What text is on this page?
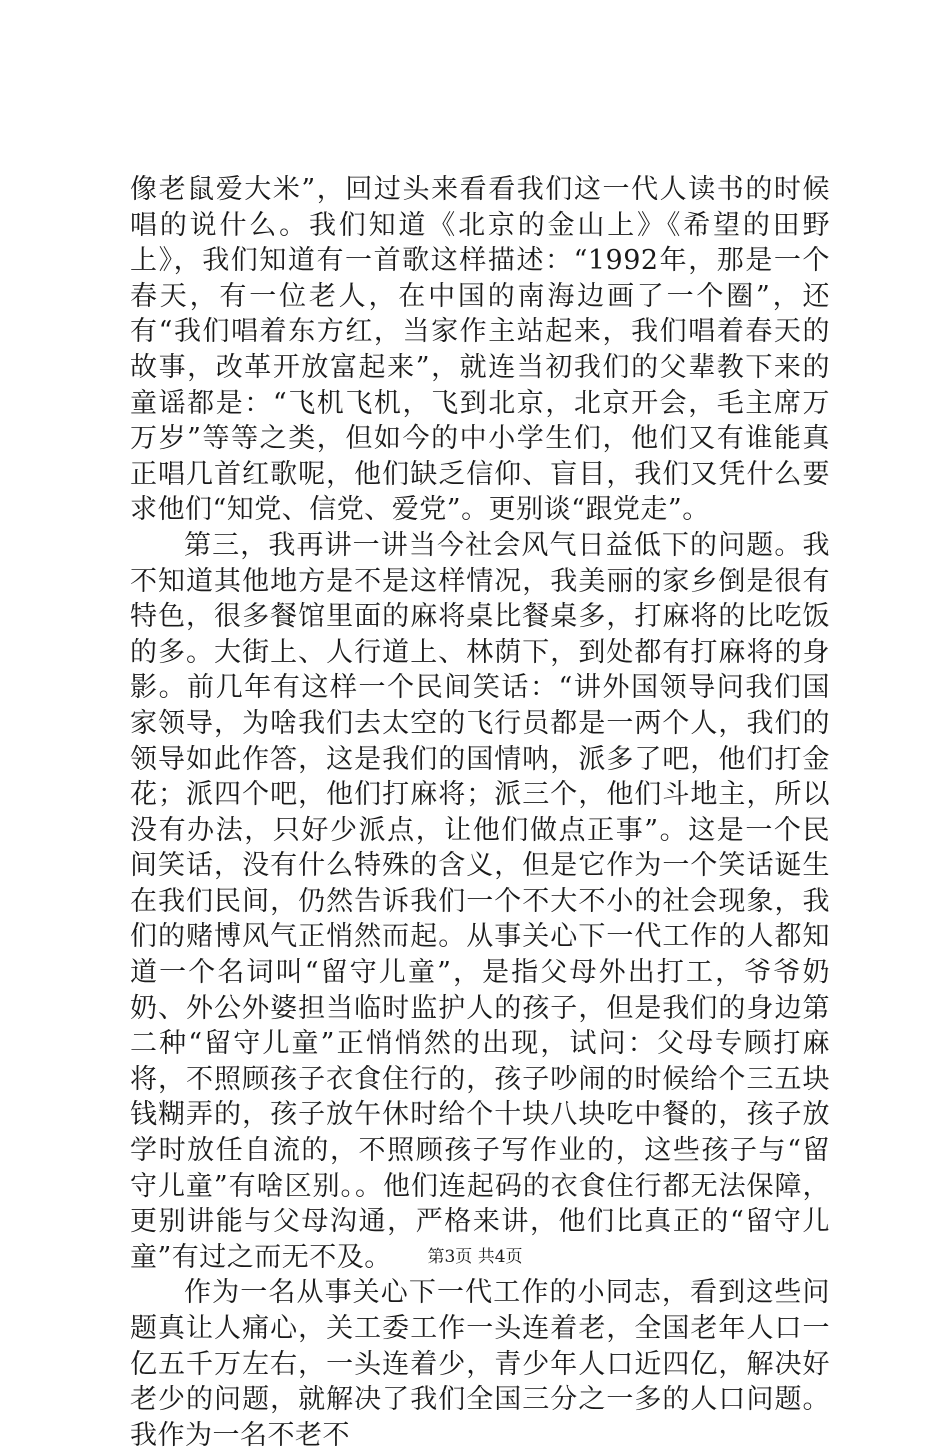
像老鼠爱大米”，回过头来看看我们这一代人读书的时候唱的说什么。我们知道《北京的金山上》《希望的田野上》，我们知道有一首歌这样描述：“1992年，那是一个春天，有一位老人，在中国的南海边画了一个圈”，还有“我们唱着东方红，当家作主站起来，我们唱着春天的故事，改革开放富起来”，就连当初我们的父辈教下来的童谣都是：“飞机飞机，飞到北京，北京开会，毛主席万万岁”等等之类，但如今的中小学生们，他们又有谁能真正唱几首红歌呢，他们缺乏信仰、盲目，我们又凭什么要求他们“知党、信党、爱党”。更别谈“跟党走”。

第三，我再讲一讲当今社会风气日益低下的问题。我不知道其他地方是不是这样情况，我美丽的家乡倒是很有特色，很多餐馆里面的麻将桌比餐桌多，打麻将的比吃饭的多。大街上、人行道上、林荫下，到处都有打麻将的身影。前几年有这样一个民间笑话：“讲外国领导问我们国家领导，为啥我们去太空的飞行员都是一两个人，我们的领导如此作答，这是我们的国情呐，派多了吧，他们打金花；派四个吧，他们打麻将；派三个，他们斗地主，所以没有办法，只好少派点，让他们做点正事”。这是一个民间笑话，没有什么特殊的含义，但是它作为一个笑话诞生在我们民间，仍然告诉我们一个不大不小的社会现象，我们的赌博风气正悄然而起。从事关心下一代工作的人都知道一个名词叫“留守儿童”，是指父母外出打工，爷爷奶奶、外公外婆担当临时监护人的孩子，但是我们的身边第二种“留守儿童”正悄悄然的出现，试问：父母专顾打麻将，不照顾孩子衣食住行的，孩子吵闹的时候给个三五块钱糊弄的，孩子放午休时给个十块八块吃中餐的，孩子放学时放任自流的，不照顾孩子写作业的，这些孩子与“留守儿童”有啥区别。。他们连起码的衣食住行都无法保障，更别讲能与父母沟通，严格来讲，他们比真正的“留守儿童”有过之而无不及。

作为一名从事关心下一代工作的小同志，看到这些问题真让人痛心，关工委工作一头连着老，全国老年人口一亿五千万左右，一头连着少，青少年人口近四亿，解决好老少的问题，就解决了我们全国三分之一多的人口问题。我作为一名不老不

第3页 共4页
